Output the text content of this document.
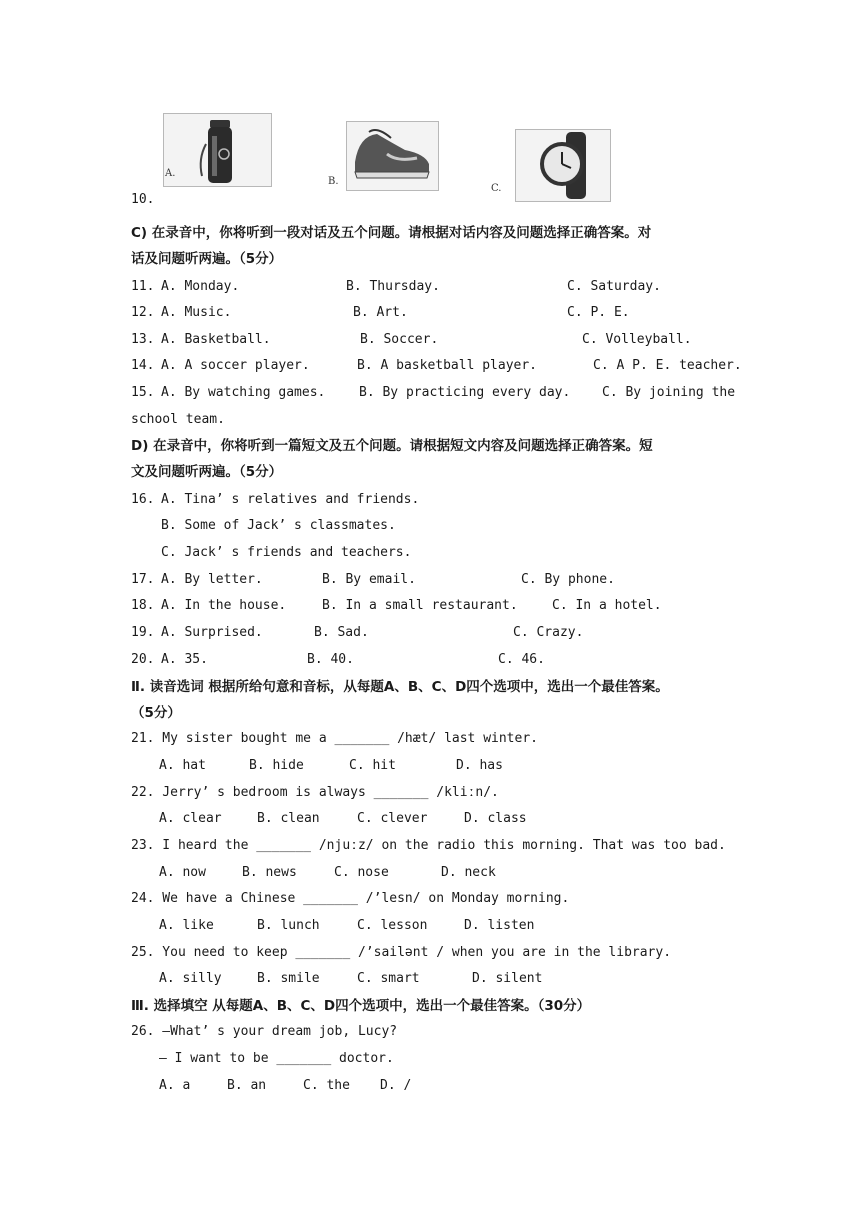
A.
B.
C.
10.
C) 在录音中，你将听到一段对话及五个问题。请根据对话内容及问题选择正确答案。对
话及问题听两遍。（5分）
11. A. Monday.	B. Thursday.	C. Saturday.
12. A. Music.	B. Art.	C. P. E.
13. A. Basketball.	B. Soccer.	C. Volleyball.
14. A. A soccer player.	B. A basketball player.	C. A P. E. teacher.
15. A. By watching games.	B. By practicing every day. C. By joining the
school team.
D) 在录音中，你将听到一篇短文及五个问题。请根据短文内容及问题选择正确答案。短
文及问题听两遍。（5分）
16. A. Tina’ s relatives and friends.
B. Some of Jack’ s classmates.
C. Jack’ s friends and teachers.
17. A. By letter.	B. By email.	C. By phone.
18. A. In the house.	B. In a small restaurant.	C. In a hotel.
19. A. Surprised.	B. Sad.	C. Crazy.
20. A. 35.	B. 40.	C. 46.
Ⅱ. 读音选词 根据所给句意和音标，从每题A、B、C、D四个选项中，选出一个最佳答案。
（5分）
21. My sister bought me a _______ /hæt/ last winter.
A. hat	B. hide	C. hit	D. has
22. Jerry’ s bedroom is always _______ /kliːn/.
A. clear	B. clean	C. clever	D. class
23. I heard the _______ /njuːz/ on the radio this morning. That was too bad.
A. now	B. news	C. nose	D. neck
24. We have a Chinese _______ /’lesn/ on Monday morning.
A. like	B. lunch	C. lesson	D. listen
25. You need to keep _______ /’sailənt / when you are in the library.
A. silly	B. smile	C. smart	D. silent
Ⅲ. 选择填空 从每题A、B、C、D四个选项中，选出一个最佳答案。（30分）
26. —What’ s your dream job, Lucy?
— I want to be _______ doctor.
A. a	B. an	C. the D. /
